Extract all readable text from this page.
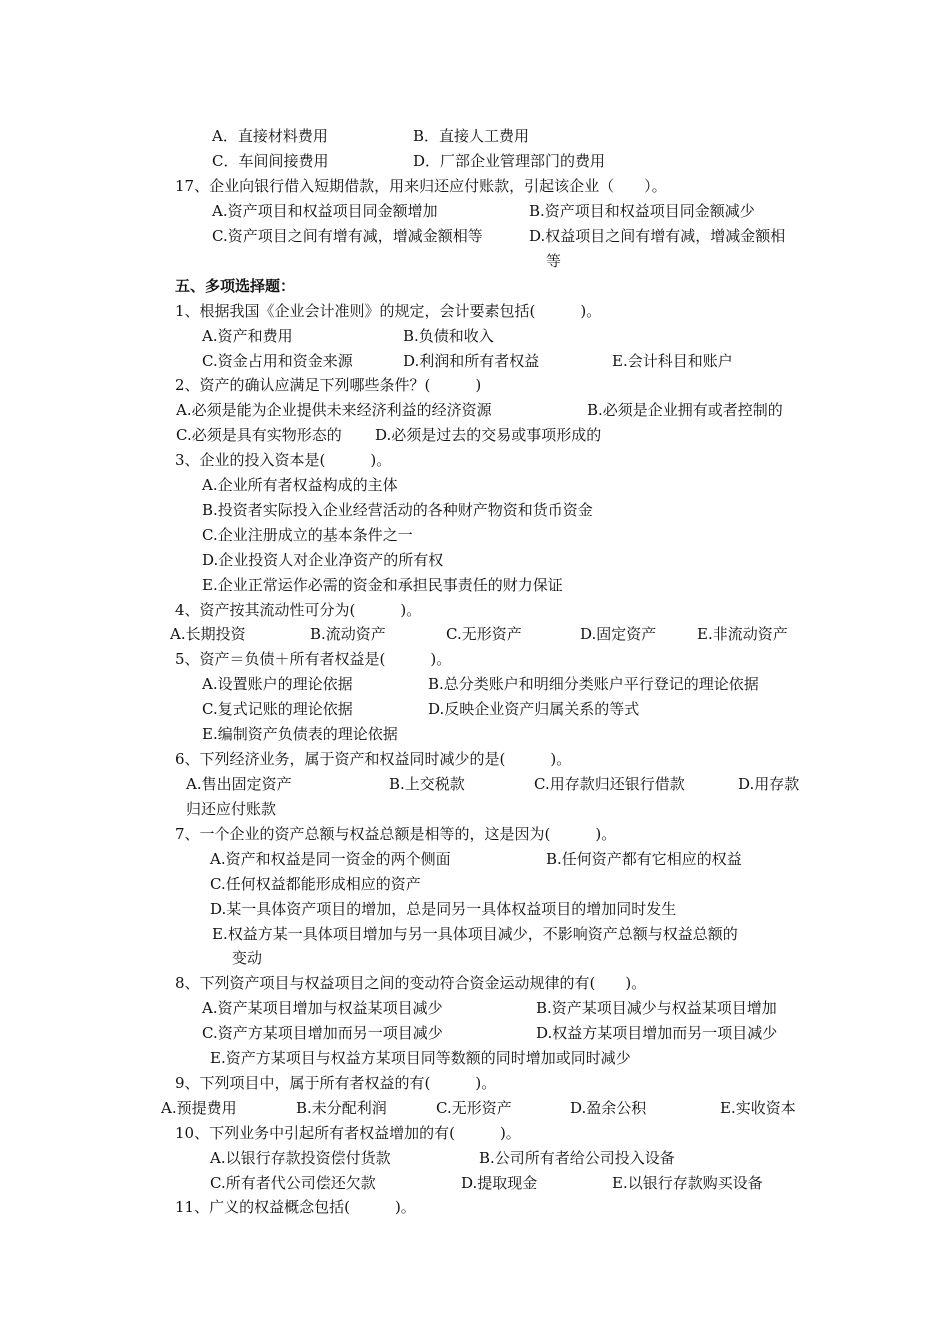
A．直接材料费用	B．直接人工费用
C．车间间接费用	D．厂部企业管理部门的费用
17、企业向银行借入短期借款，用来归还应付账款，引起该企业（　　）。
A.资产项目和权益项目同金额增加	B.资产项目和权益项目同金额减少
C.资产项目之间有增有减，增减金额相等	D.权益项目之间有增有减，增减金额相
等
五、多项选择题：
1、根据我国《企业会计准则》的规定，会计要素包括(　　　)。
A.资产和费用	B.负债和收入
C.资金占用和资金来源	D.利润和所有者权益	E.会计科目和账户
2、资产的确认应满足下列哪些条件？(　　　)
A.必须是能为企业提供未来经济利益的经济资源	B.必须是企业拥有或者控制的
C.必须是具有实物形态的 D.必须是过去的交易或事项形成的
3、企业的投入资本是(　　　)。
A.企业所有者权益构成的主体
B.投资者实际投入企业经营活动的各种财产物资和货币资金
C.企业注册成立的基本条件之一
D.企业投资人对企业净资产的所有权
E.企业正常运作必需的资金和承担民事责任的财力保证
4、资产按其流动性可分为(　　　)。
A.长期投资	B.流动资产	C.无形资产	D.固定资产	E.非流动资产
5、资产＝负债＋所有者权益是(　　　)。
A.设置账户的理论依据	B.总分类账户和明细分类账户平行登记的理论依据
C.复式记账的理论依据	D.反映企业资产归属关系的等式
E.编制资产负债表的理论依据
6、下列经济业务，属于资产和权益同时减少的是(　　　)。
A.售出固定资产	B.上交税款	C.用存款归还银行借款	D.用存款
归还应付账款
7、一个企业的资产总额与权益总额是相等的，这是因为(　　　)。
A.资产和权益是同一资金的两个侧面	B.任何资产都有它相应的权益
C.任何权益都能形成相应的资产
D.某一具体资产项目的增加，总是同另一具体权益项目的增加同时发生
E.权益方某一具体项目增加与另一具体项目减少，不影响资产总额与权益总额的
变动
8、下列资产项目与权益项目之间的变动符合资金运动规律的有(　　)。
A.资产某项目增加与权益某项目减少	B.资产某项目减少与权益某项目增加
C.资产方某项目增加而另一项目减少	D.权益方某项目增加而另一项目减少
E.资产方某项目与权益方某项目同等数额的同时增加或同时减少
9、下列项目中，属于所有者权益的有(　　　)。
A.预提费用	B.未分配利润	C.无形资产	D.盈余公积	E.实收资本
10、下列业务中引起所有者权益增加的有(　　　)。
A.以银行存款投资偿付货款	B.公司所有者给公司投入设备
C.所有者代公司偿还欠款	D.提取现金	E.以银行存款购买设备
11、广义的权益概念包括(　　　)。
